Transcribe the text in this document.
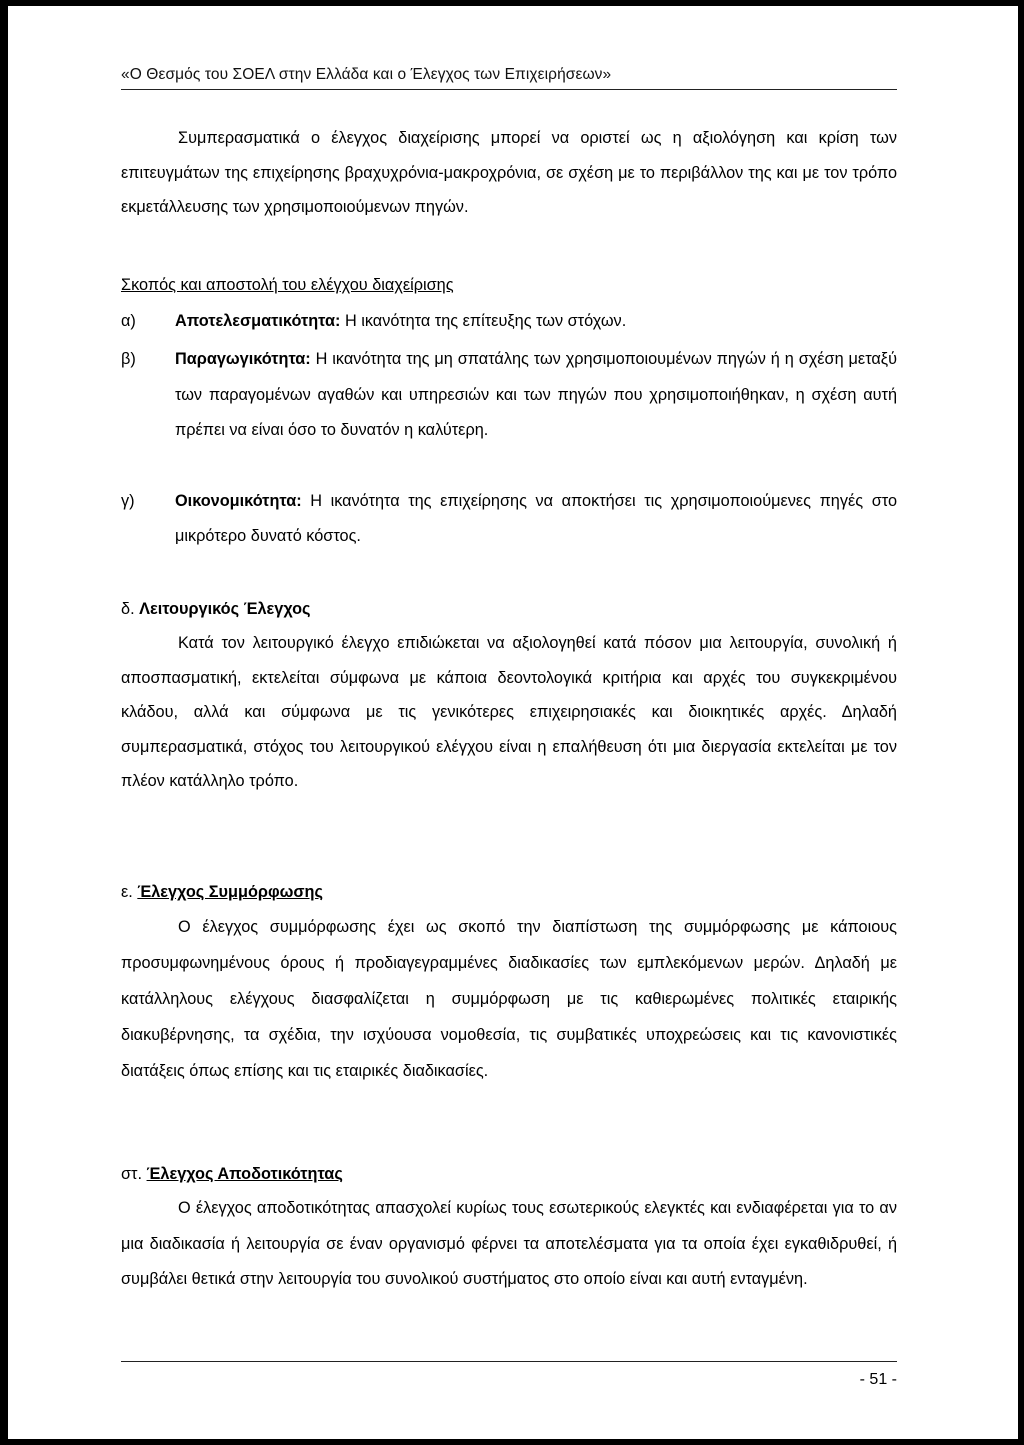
«Ο Θεσμός του ΣΟΕΛ στην Ελλάδα και ο Έλεγχος των Επιχειρήσεων»
Συμπερασματικά ο έλεγχος διαχείρισης μπορεί να οριστεί ως η αξιολόγηση και κρίση των επιτευγμάτων της επιχείρησης βραχυχρόνια-μακροχρόνια, σε σχέση με το περιβάλλον της και με τον τρόπο εκμετάλλευσης των χρησιμοποιούμενων πηγών.
Σκοπός και αποστολή του ελέγχου διαχείρισης
α)	Αποτελεσματικότητα: Η ικανότητα της επίτευξης των στόχων.
β)	Παραγωγικότητα: Η ικανότητα της μη σπατάλης των χρησιμοποιουμένων πηγών ή η σχέση μεταξύ των παραγομένων αγαθών και υπηρεσιών και των πηγών που χρησιμοποιήθηκαν, η σχέση αυτή πρέπει να είναι όσο το δυνατόν η καλύτερη.
γ)	Οικονομικότητα: Η ικανότητα της επιχείρησης να αποκτήσει τις χρησιμοποιούμενες πηγές στο μικρότερο δυνατό κόστος.
δ. Λειτουργικός Έλεγχος
Κατά τον λειτουργικό έλεγχο επιδιώκεται να αξιολογηθεί κατά πόσον μια λειτουργία, συνολική ή αποσπασματική, εκτελείται σύμφωνα με κάποια δεοντολογικά κριτήρια και αρχές του συγκεκριμένου κλάδου, αλλά και σύμφωνα με τις γενικότερες επιχειρησιακές και διοικητικές αρχές. Δηλαδή συμπερασματικά, στόχος του λειτουργικού ελέγχου είναι η επαλήθευση ότι μια διεργασία εκτελείται με τον πλέον κατάλληλο τρόπο.
ε. Έλεγχος Συμμόρφωσης
Ο έλεγχος συμμόρφωσης έχει ως σκοπό την διαπίστωση της συμμόρφωσης με κάποιους προσυμφωνημένους όρους ή προδιαγεγραμμένες διαδικασίες των εμπλεκόμενων μερών. Δηλαδή με κατάλληλους ελέγχους διασφαλίζεται η συμμόρφωση με τις καθιερωμένες πολιτικές εταιρικής διακυβέρνησης, τα σχέδια, την ισχύουσα νομοθεσία, τις συμβατικές υποχρεώσεις και τις κανονιστικές διατάξεις όπως επίσης και τις εταιρικές διαδικασίες.
στ. Έλεγχος Αποδοτικότητας
Ο έλεγχος αποδοτικότητας απασχολεί κυρίως τους εσωτερικούς ελεγκτές και ενδιαφέρεται για το αν μια διαδικασία ή λειτουργία σε έναν οργανισμό φέρνει τα αποτελέσματα για τα οποία έχει εγκαθιδρυθεί, ή συμβάλει θετικά στην λειτουργία του συνολικού συστήματος στο οποίο είναι και αυτή ενταγμένη.
- 51 -
